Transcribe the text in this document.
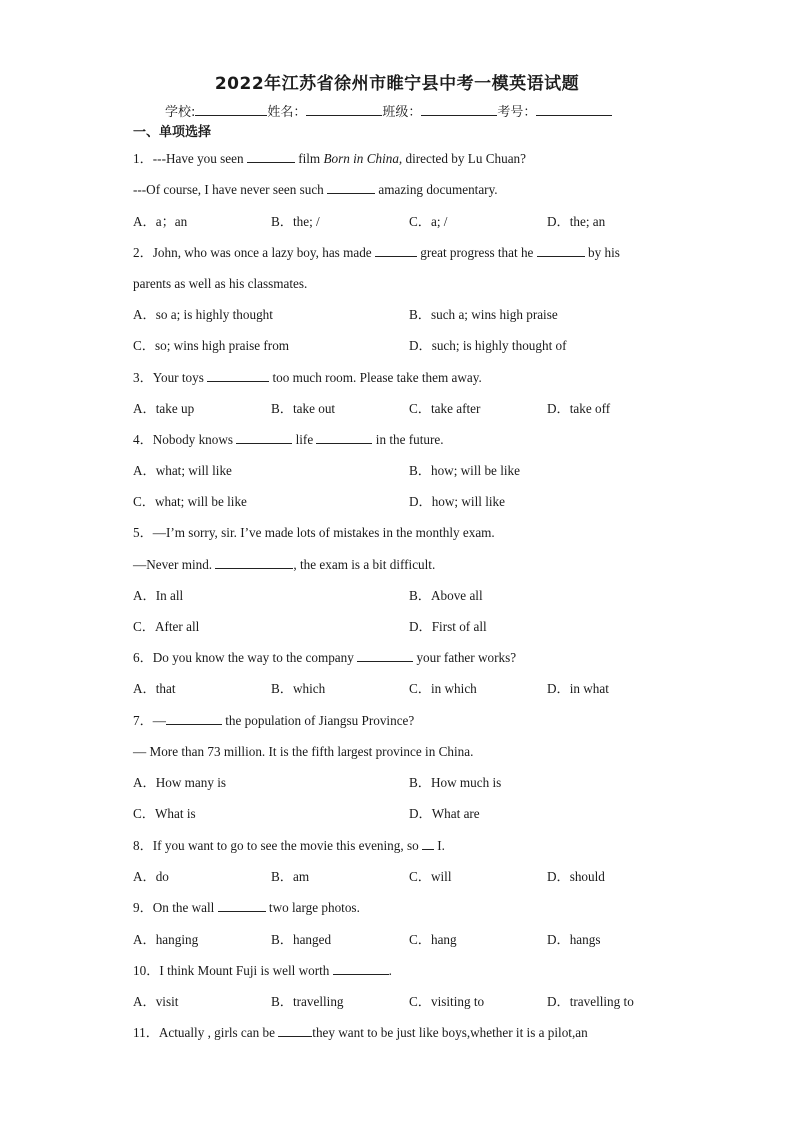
2022年江苏省徐州市睢宁县中考一模英语试题
学校:	姓名：	班级：	考号：
一、单项选择
1．---Have you seen	film Born in China, directed by Lu Chuan?
---Of course, I have never seen such	amazing documentary.
A．a；an	B．the; /	C．a; /	D．the; an
2．John, who was once a lazy boy, has made	great progress that he	by his
parents as well as his classmates.
A．so a; is highly thought	B．such a; wins high praise
C．so; wins high praise from	D．such; is highly thought of
3．Your toys	too much room. Please take them away.
A．take up	B．take out	C．take after	D．take off
4．Nobody knows	life	in the future.
A．what; will like	B．how; will be like
C．what; will be like	D．how; will like
5．—I’m sorry, sir. I’ve made lots of mistakes in the monthly exam.
—Never mind.	, the exam is a bit difficult.
A．In all	B．Above all
C．After all	D．First of all
6．Do you know the way to the company	your father works?
A．that	B．which	C．in which	D．in what
7．—	the population of Jiangsu Province?
— More than 73 million. It is the fifth largest province in China.
A．How many is	B．How much is
C．What is	D．What are
8．If you want to go to see the movie this evening, so  I.
A．do	B．am	C．will	D．should
9．On the wall	two large photos.
A．hanging	B．hanged	C．hang	D．hangs
10．I think Mount Fuji is well worth	.
A．visit	B．travelling	C．visiting to	D．travelling to
11．Actually , girls can be	they want to be just like boys,whether it is a pilot,an
